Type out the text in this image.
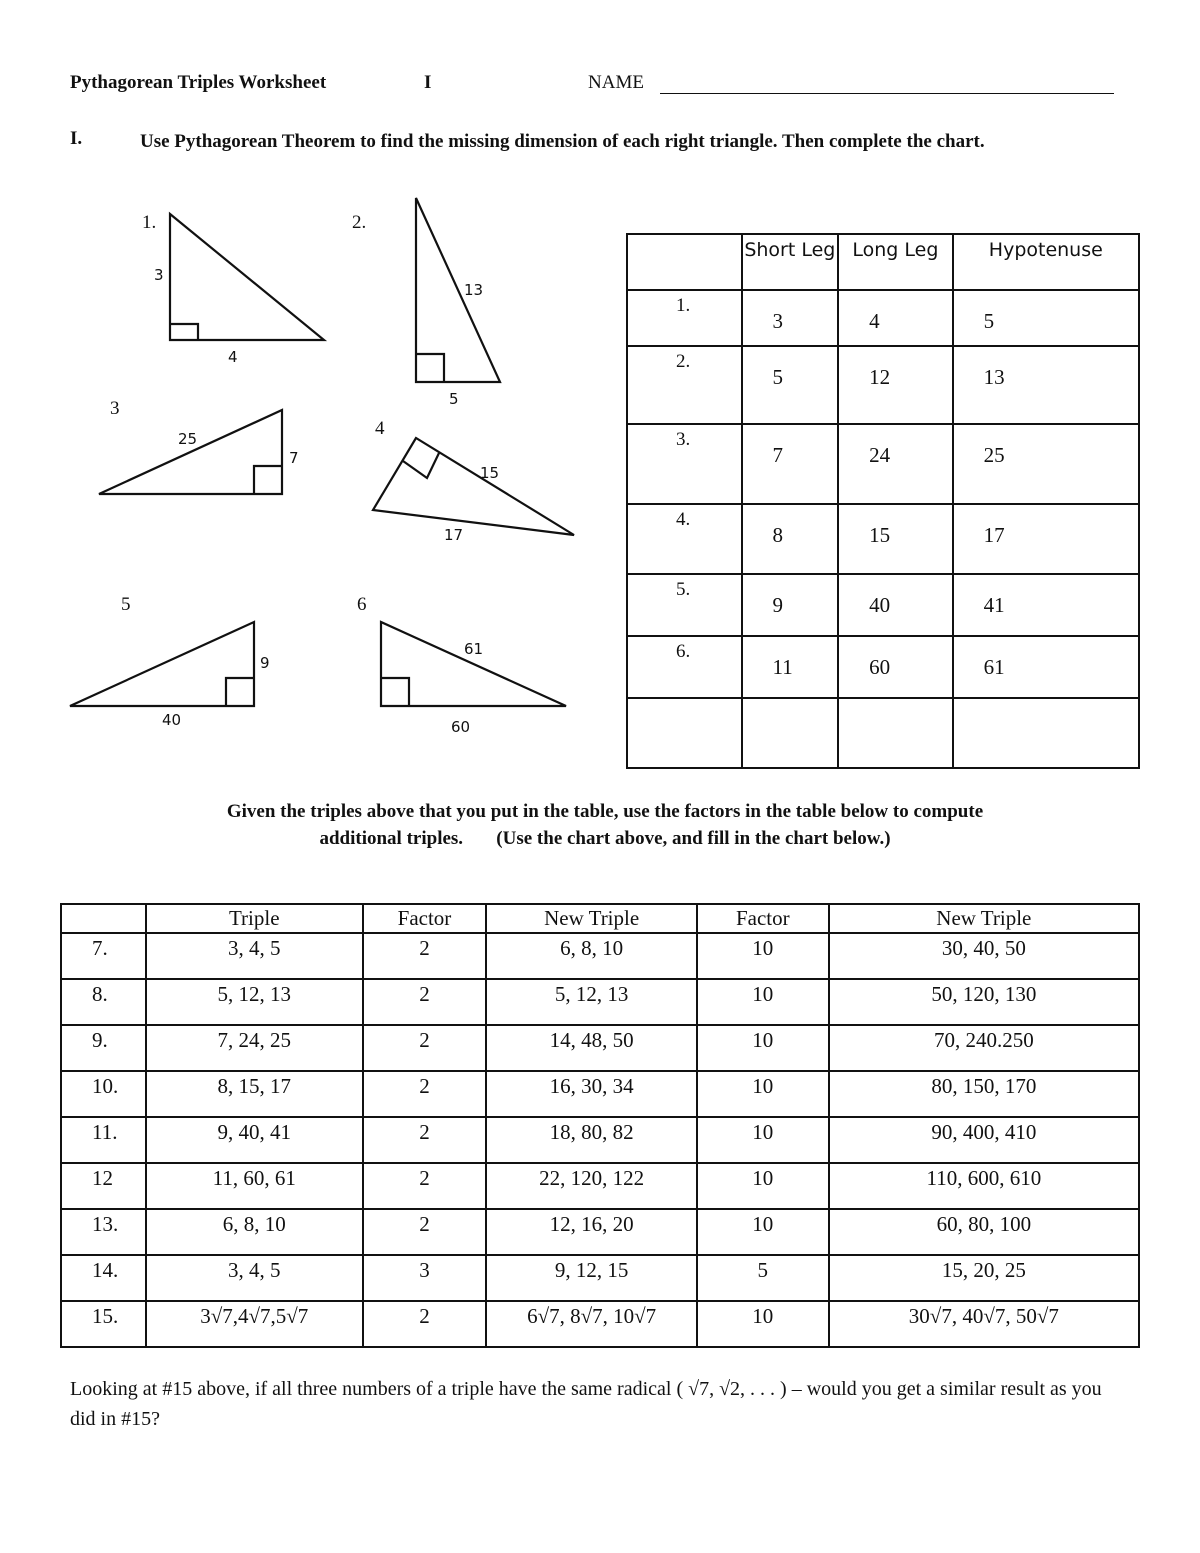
Pythagorean Triples Worksheet	I	NAME
I.	Use Pythagorean Theorem to find the missing dimension of each right triangle. Then complete the chart.
1.
3
4
2.
13
5
3
25
7
4
15
17
5
9
40
6
61
60
	Short Leg	Long Leg	Hypotenuse
1.	3	4	5
2.	5	12	13
3.	7	24	25
4.	8	15	17
5.	9	40	41
6.	11	60	61

Given the triples above that you put in the table, use the factors in the table below to compute
additional triples.       (Use the chart above, and fill in the chart below.)
	Triple	Factor	New Triple	Factor	New Triple
7.	3, 4, 5	2	6, 8, 10	10	30, 40, 50
8.	5, 12, 13	2	5, 12, 13	10	50, 120, 130
9.	7, 24, 25	2	14, 48, 50	10	70, 240.250
10.	8, 15, 17	2	16, 30, 34	10	80, 150, 170
11.	9, 40, 41	2	18, 80, 82	10	90, 400, 410
12	11, 60, 61	2	22, 120, 122	10	110, 600, 610
13.	6, 8, 10	2	12, 16, 20	10	60, 80, 100
14.	3, 4, 5	3	9, 12, 15	5	15, 20, 25
15.	3√7,4√7,5√7	2	6√7, 8√7, 10√7	10	30√7, 40√7, 50√7
Looking at #15 above, if all three numbers of a triple have the same radical ( √7, √2, . . . ) – would you get a similar result as you did in #15?
